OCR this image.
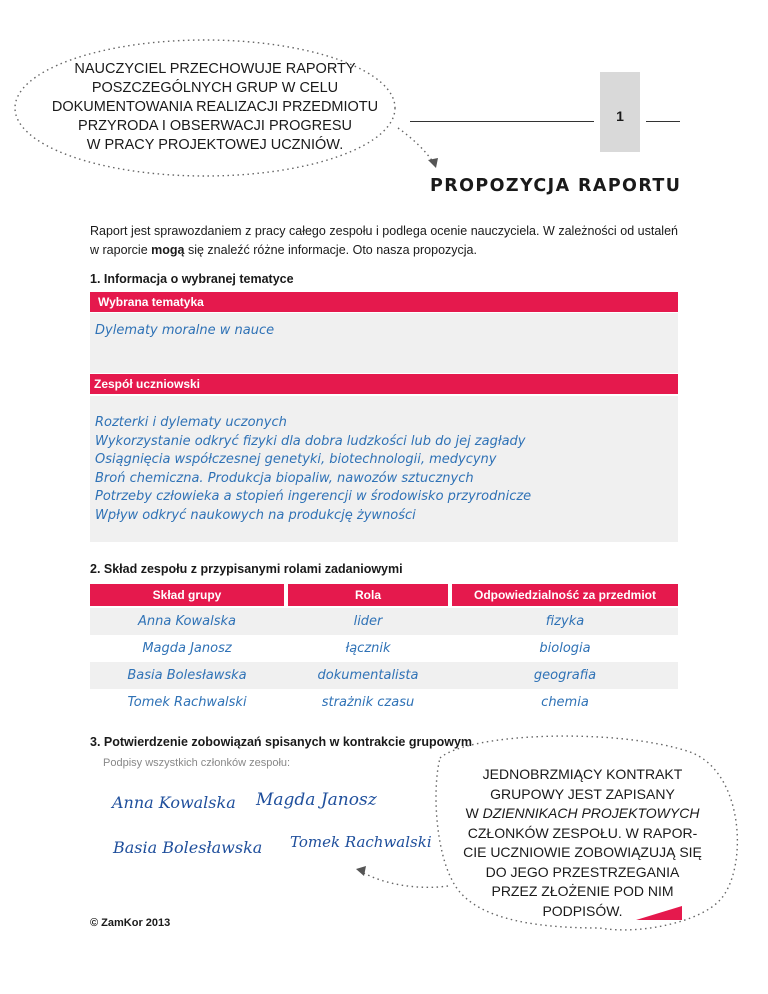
NAUCZYCIEL PRZECHOWUJE RAPORTY
POSZCZEGÓLNYCH GRUP W CELU
DOKUMENTOWANIA REALIZACJI PRZEDMIOTU
PRZYRODA I OBSERWACJI PROGRESU
W PRACY PROJEKTOWEJ UCZNIÓW.
1
PROPOZYCJA RAPORTU
Raport jest sprawozdaniem z pracy całego zespołu i podlega ocenie nauczyciela. W zależności od ustaleń w raporcie mogą się znaleźć różne informacje. Oto nasza propozycja.
1. Informacja o wybranej tematyce
Wybrana tematyka
Dylematy moralne w nauce
Zespół uczniowski
Rozterki i dylematy uczonych
Wykorzystanie odkryć fizyki dla dobra ludzkości lub do jej zagłady
Osiągnięcia współczesnej genetyki, biotechnologii, medycyny
Broń chemiczna. Produkcja biopaliw, nawozów sztucznych
Potrzeby człowieka a stopień ingerencji w środowisko przyrodnicze
Wpływ odkryć naukowych na produkcję żywności
2. Skład zespołu z przypisanymi rolami zadaniowymi
Skład grupy	Rola	Odpowiedzialność za przedmiot
Anna Kowalska	lider	fizyka
Magda Janosz	łącznik	biologia
Basia Bolesławska	dokumentalista	geografia
Tomek Rachwalski	strażnik czasu	chemia
3. Potwierdzenie zobowiązań spisanych w kontrakcie grupowym
Podpisy wszystkich członków zespołu:
Anna Kowalska Magda Janosz
Basia Bolesławska Tomek Rachwalski
JEDNOBRZMIĄCY KONTRAKT
GRUPOWY JEST ZAPISANY
W DZIENNIKACH PROJEKTOWYCH
CZŁONKÓW ZESPOŁU. W RAPOR-
CIE UCZNIOWIE ZOBOWIĄZUJĄ SIĘ
DO JEGO PRZESTRZEGANIA
PRZEZ ZŁOŻENIE POD NIM
PODPISÓW.
© ZamKor 2013
